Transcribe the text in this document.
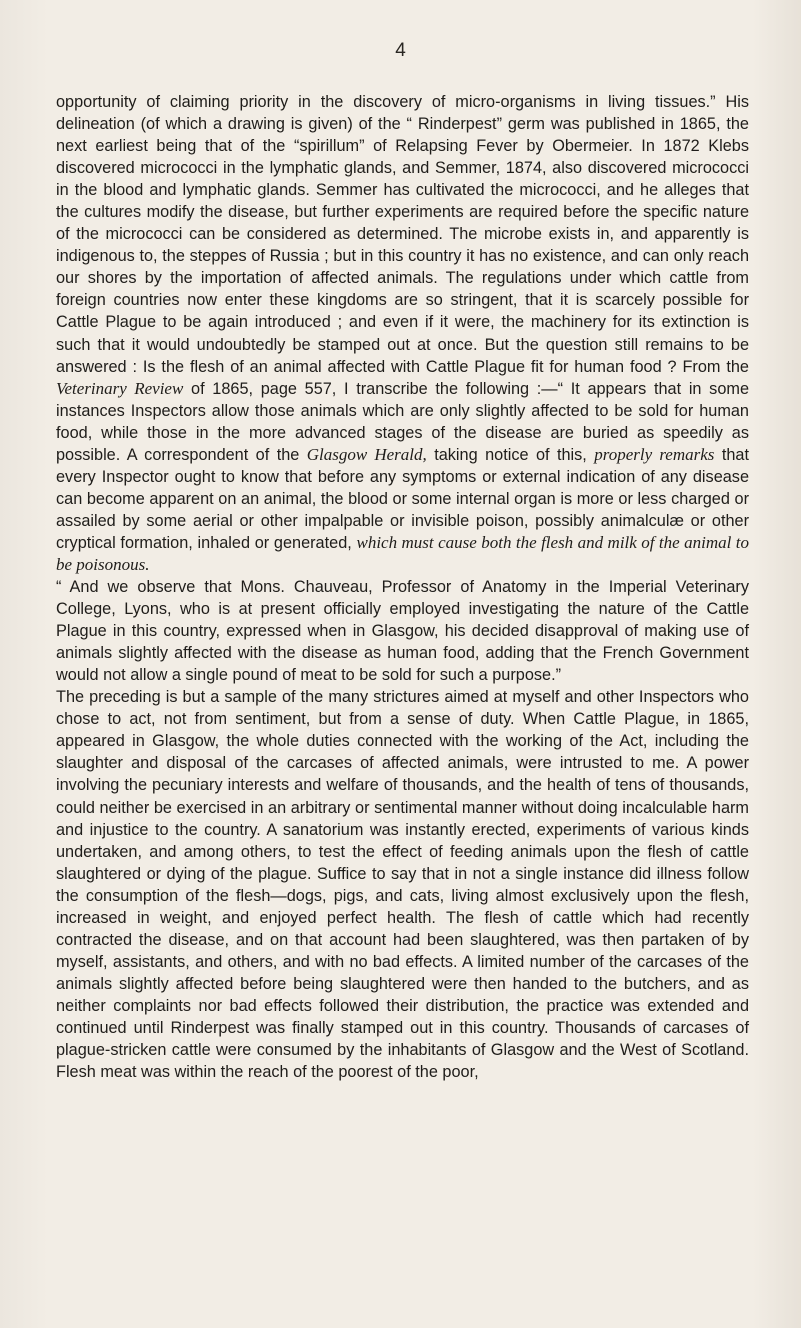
4

opportunity of claiming priority in the discovery of micro-organisms in living tissues.” His delineation (of which a drawing is given) of the “ Rinderpest” germ was published in 1865, the next earliest being that of the “spirillum” of Relapsing Fever by Obermeier. In 1872 Klebs discovered micrococci in the lymphatic glands, and Semmer, 1874, also discovered micrococci in the blood and lymphatic glands. Semmer has cultivated the micrococci, and he alleges that the cultures modify the disease, but further experiments are required before the specific nature of the micrococci can be considered as determined. The microbe exists in, and apparently is indigenous to, the steppes of Russia ; but in this country it has no existence, and can only reach our shores by the importation of affected animals. The regulations under which cattle from foreign countries now enter these kingdoms are so stringent, that it is scarcely possible for Cattle Plague to be again introduced ; and even if it were, the machinery for its extinction is such that it would undoubtedly be stamped out at once. But the question still remains to be answered : Is the flesh of an animal affected with Cattle Plague fit for human food ? From the Veterinary Review of 1865, page 557, I transcribe the following :—“ It appears that in some instances Inspectors allow those animals which are only slightly affected to be sold for human food, while those in the more advanced stages of the disease are buried as speedily as possible. A correspondent of the Glasgow Herald, taking notice of this, properly remarks that every Inspector ought to know that before any symptoms or external indication of any disease can become apparent on an animal, the blood or some internal organ is more or less charged or assailed by some aerial or other impalpable or invisible poison, possibly animalculæ or other cryptical formation, inhaled or generated, which must cause both the flesh and milk of the animal to be poisonous.

“ And we observe that Mons. Chauveau, Professor of Anatomy in the Imperial Veterinary College, Lyons, who is at present officially employed investigating the nature of the Cattle Plague in this country, expressed when in Glasgow, his decided disapproval of making use of animals slightly affected with the disease as human food, adding that the French Government would not allow a single pound of meat to be sold for such a purpose.”

The preceding is but a sample of the many strictures aimed at myself and other Inspectors who chose to act, not from sentiment, but from a sense of duty. When Cattle Plague, in 1865, appeared in Glasgow, the whole duties connected with the working of the Act, including the slaughter and disposal of the carcases of affected animals, were intrusted to me. A power involving the pecuniary interests and welfare of thousands, and the health of tens of thousands, could neither be exercised in an arbitrary or sentimental manner without doing incalculable harm and injustice to the country. A sanatorium was instantly erected, experiments of various kinds undertaken, and among others, to test the effect of feeding animals upon the flesh of cattle slaughtered or dying of the plague. Suffice to say that in not a single instance did illness follow the consumption of the flesh—dogs, pigs, and cats, living almost exclusively upon the flesh, increased in weight, and enjoyed perfect health. The flesh of cattle which had recently contracted the disease, and on that account had been slaughtered, was then partaken of by myself, assistants, and others, and with no bad effects. A limited number of the carcases of the animals slightly affected before being slaughtered were then handed to the butchers, and as neither complaints nor bad effects followed their distribution, the practice was extended and continued until Rinderpest was finally stamped out in this country. Thousands of carcases of plague-stricken cattle were consumed by the inhabitants of Glasgow and the West of Scotland. Flesh meat was within the reach of the poorest of the poor,
